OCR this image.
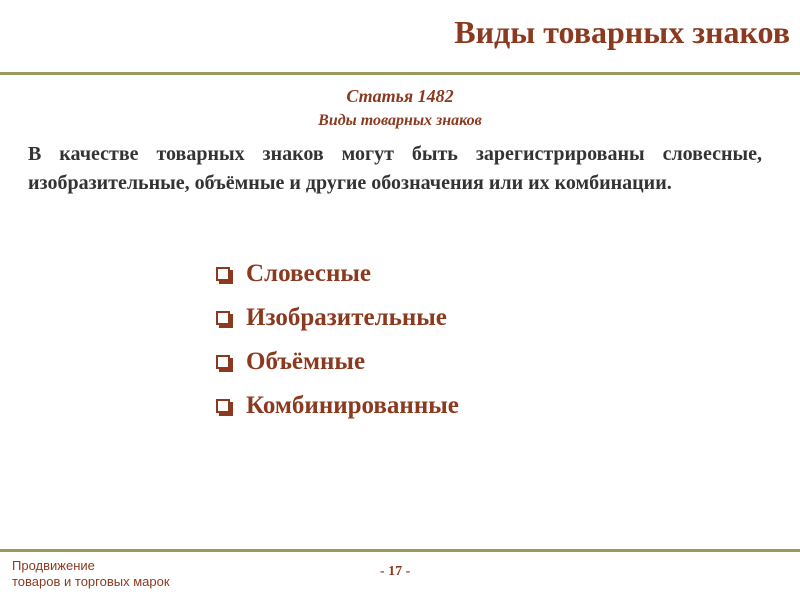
Виды товарных знаков
Статья 1482
Виды товарных знаков

В качестве товарных знаков могут быть зарегистрированы словесные, изобразительные, объёмные и другие обозначения или их комбинации.

Словесные
Изобразительные
Объёмные
Комбинированные
Продвижение
товаров и торговых марок
- 17 -
